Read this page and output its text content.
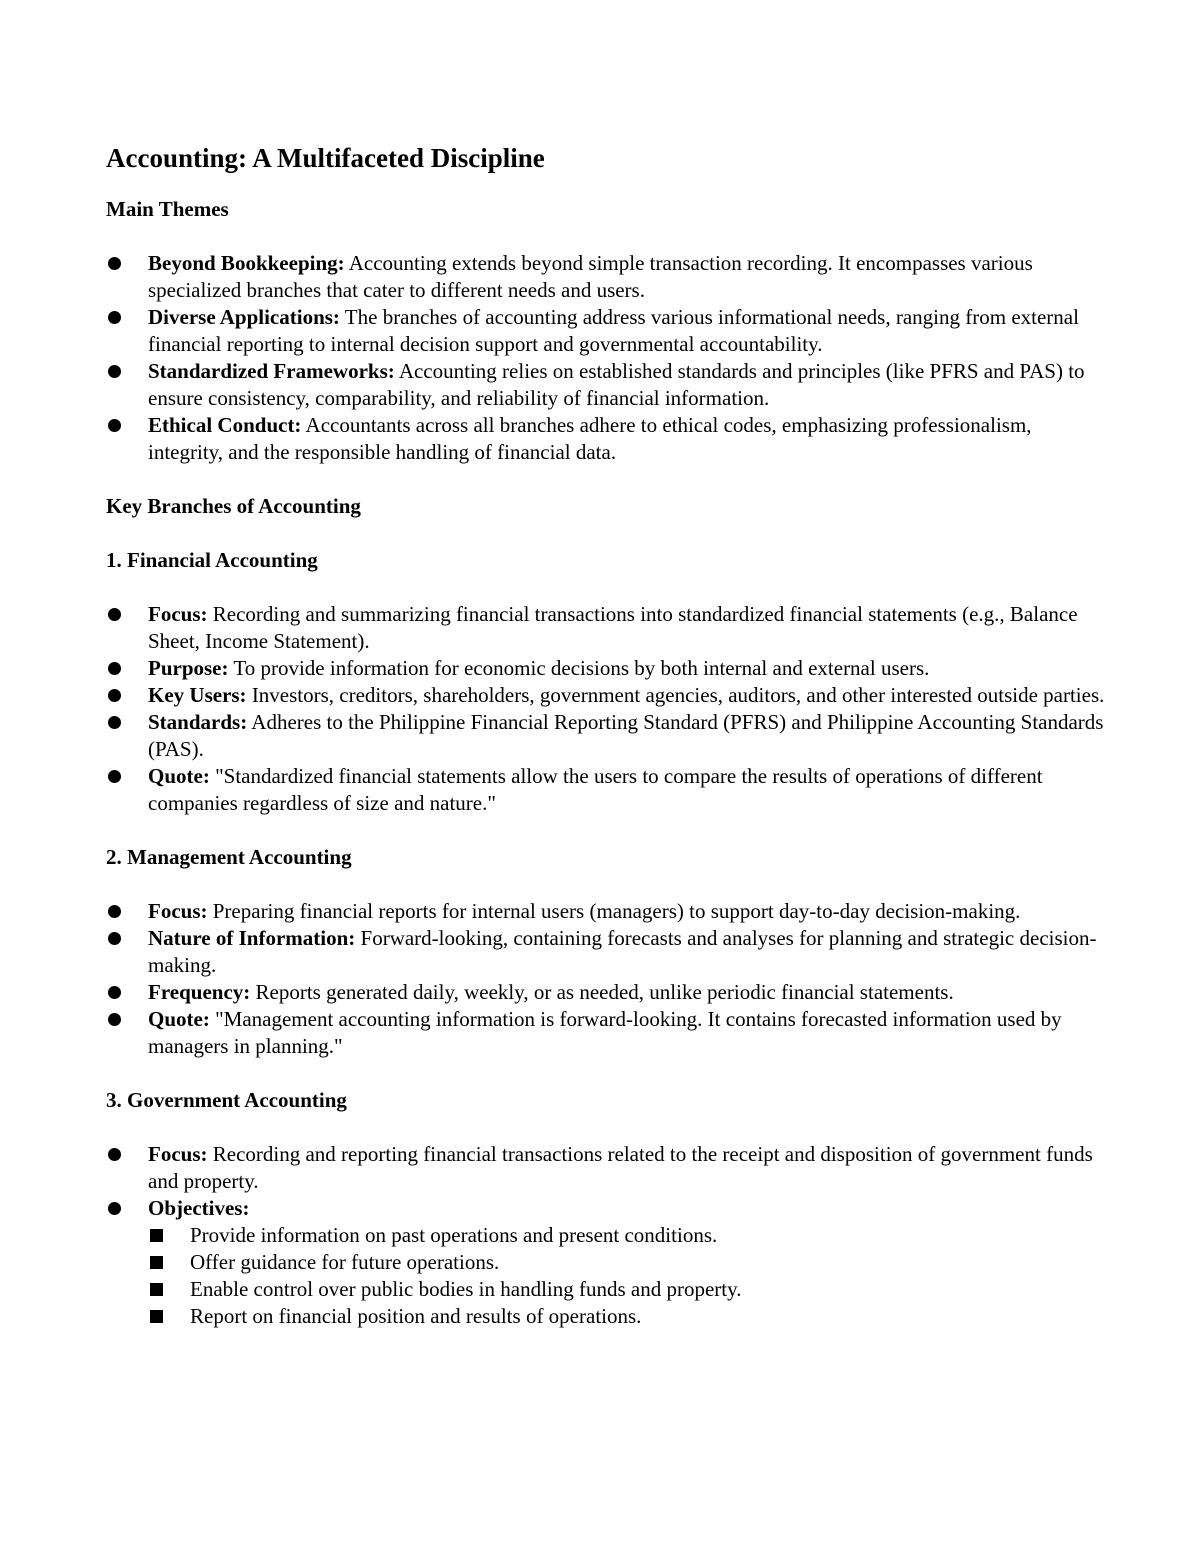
Accounting: A Multifaceted Discipline
Main Themes
Beyond Bookkeeping: Accounting extends beyond simple transaction recording. It encompasses various specialized branches that cater to different needs and users.
Diverse Applications: The branches of accounting address various informational needs, ranging from external financial reporting to internal decision support and governmental accountability.
Standardized Frameworks: Accounting relies on established standards and principles (like PFRS and PAS) to ensure consistency, comparability, and reliability of financial information.
Ethical Conduct: Accountants across all branches adhere to ethical codes, emphasizing professionalism, integrity, and the responsible handling of financial data.
Key Branches of Accounting
1. Financial Accounting
Focus: Recording and summarizing financial transactions into standardized financial statements (e.g., Balance Sheet, Income Statement).
Purpose: To provide information for economic decisions by both internal and external users.
Key Users: Investors, creditors, shareholders, government agencies, auditors, and other interested outside parties.
Standards: Adheres to the Philippine Financial Reporting Standard (PFRS) and Philippine Accounting Standards (PAS).
Quote: "Standardized financial statements allow the users to compare the results of operations of different companies regardless of size and nature."
2. Management Accounting
Focus: Preparing financial reports for internal users (managers) to support day-to-day decision-making.
Nature of Information: Forward-looking, containing forecasts and analyses for planning and strategic decision-making.
Frequency: Reports generated daily, weekly, or as needed, unlike periodic financial statements.
Quote: "Management accounting information is forward-looking. It contains forecasted information used by managers in planning."
3. Government Accounting
Focus: Recording and reporting financial transactions related to the receipt and disposition of government funds and property.
Objectives:
Provide information on past operations and present conditions.
Offer guidance for future operations.
Enable control over public bodies in handling funds and property.
Report on financial position and results of operations.
